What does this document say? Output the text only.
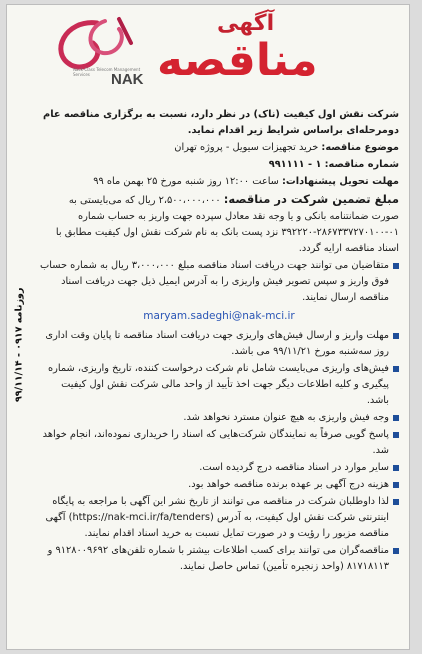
روزنامه ۰۹۱۷ - ۹۹/۱۱/۱۴
Nack-Class Telecom Management Services	NAK
آگهی
مناقصه

شرکت نقش اول کیفیت (ناک) در نظر دارد، نسبت به برگزاری مناقصه عام دومرحله‌ای براساس شرایط زیر اقدام نماید.

موضوع مناقصه: خرید تجهیزات سیویل - پروژه تهران

شماره مناقصه: ۱ - ۹۹۱۱۱۱

مهلت تحویل پیشنهادات: ساعت ۱۲:۰۰ روز شنبه مورخ ۲۵ بهمن ماه ۹۹

مبلغ تضمین شرکت در مناقصه: ۲،۵۰۰،۰۰۰،۰۰۰ ریال که می‌بایستی به صورت ضمانتنامه بانکی و یا وجه نقد معادل سپرده جهت واریز به حساب شماره ۰۱-۲۸۶۷۳۳۷۲۷۰۱۰۰-۳۹۲۲۲۰ نزد پست بانک به نام شرکت نقش اول کیفیت مطابق با اسناد مناقصه ارایه گردد.

متقاضیان می توانند جهت دریافت اسناد مناقصه مبلغ ۳،۰۰۰،۰۰۰ ریال به شماره حساب فوق واریز و سپس تصویر فیش واریزی را به آدرس ایمیل ذیل جهت دریافت اسناد مناقصه ارسال نمایند.
maryam.sadeghi@nak-mci.ir
مهلت واریز و ارسال فیش‌های واریزی جهت دریافت اسناد مناقصه تا پایان وقت اداری روز سه‌شنبه مورخ ۹۹/۱۱/۲۱ می باشد.
فیش‌های واریزی می‌بایست شامل نام شرکت درخواست کننده، تاریخ واریزی، شماره پیگیری و کلیه اطلاعات دیگر جهت اخذ تأیید از واحد مالی شرکت نقش اول کیفیت باشد.
وجه فیش واریزی به هیچ عنوان مسترد نخواهد شد.
پاسخ گویی صرفاً به نمایندگان شرکت‌هایی که اسناد را خریداری نموده‌اند، انجام خواهد شد.
سایر موارد در اسناد مناقصه درج گردیده است.
هزینه درج آگهی بر عهده برنده مناقصه خواهد بود.
لذا داوطلبان شرکت در مناقصه می توانند از تاریخ نشر این آگهی با مراجعه به پایگاه اینترنتی شرکت نقش اول کیفیت، به آدرس (https://nak-mci.ir/fa/tenders) آگهی مناقصه مزبور را رؤیت و در صورت تمایل نسبت به خرید اسناد اقدام نمایند.
مناقصه‌گران می توانند برای کسب اطلاعات بیشتر با شماره تلفن‌های ۹۱۲۸۰۰۹۶۹۲ و ۸۱۷۱۸۱۱۳ (واحد زنجیره تأمین) تماس حاصل نمایند.
